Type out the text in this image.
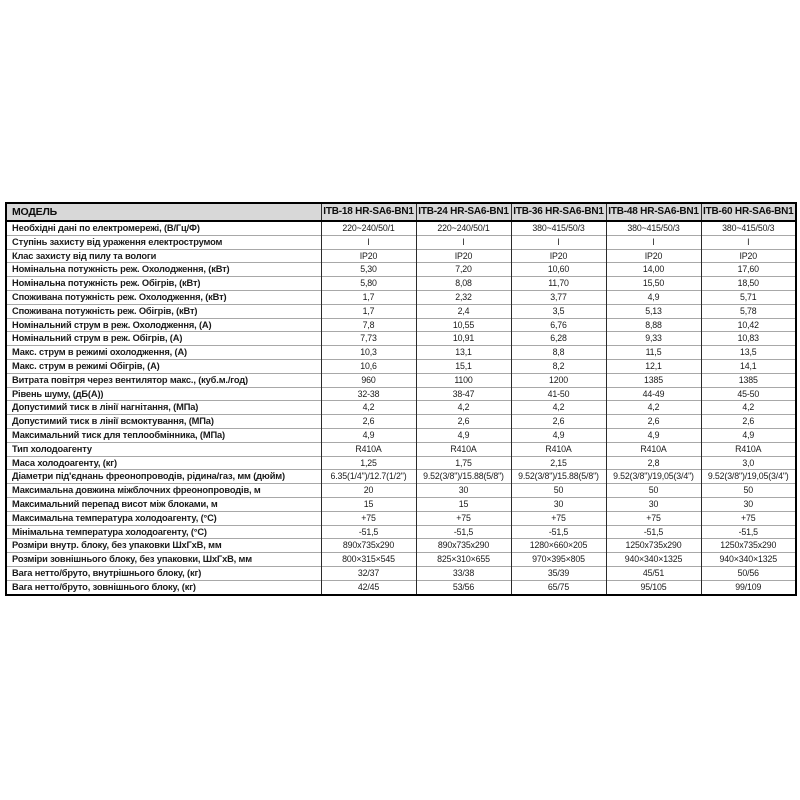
МОДЕЛЬ	ITB-18 HR-SA6-BN1	ITB-24 HR-SA6-BN1	ITB-36 HR-SA6-BN1	ITB-48 HR-SA6-BN1	ITB-60 HR-SA6-BN1
Необхідні дані по електромережі, (В/Гц/Ф)	220~240/50/1	220~240/50/1	380~415/50/3	380~415/50/3	380~415/50/3
Ступінь захисту від ураження електрострумом	I	I	I	I	I
Клас захисту від пилу та вологи	IP20	IP20	IP20	IP20	IP20
Номінальна потужність реж. Охолодження, (кВт)	5,30	7,20	10,60	14,00	17,60
Номінальна потужність реж. Обігрів, (кВт)	5,80	8,08	11,70	15,50	18,50
Споживана потужність реж. Охолодження, (кВт)	1,7	2,32	3,77	4,9	5,71
Споживана потужність реж. Обігрів, (кВт)	1,7	2,4	3,5	5,13	5,78
Номінальний струм в реж. Охолодження, (А)	7,8	10,55	6,76	8,88	10,42
Номінальний струм в реж. Обігрів, (А)	7,73	10,91	6,28	9,33	10,83
Макс. струм в режимі охолодження, (А)	10,3	13,1	8,8	11,5	13,5
Макс. струм в режимі Обігрів, (А)	10,6	15,1	8,2	12,1	14,1
Витрата повітря через вентилятор макс., (куб.м./год)	960	1100	1200	1385	1385
Рівень шуму, (дБ(А))	32-38	38-47	41-50	44-49	45-50
Допустимий тиск в лінії нагнітання, (МПа)	4,2	4,2	4,2	4,2	4,2
Допустимий тиск в лінії всмоктування, (МПа)	2,6	2,6	2,6	2,6	2,6
Максимальний тиск для теплообмінника, (МПа)	4,9	4,9	4,9	4,9	4,9
Тип холодоагенту	R410A	R410A	R410A	R410A	R410A
Маса холодоагенту, (кг)	1,25	1,75	2,15	2,8	3,0
Діаметри під'єднань фреонопроводів, рідина/газ, мм (дюйм)	6.35(1/4")/12.7(1/2")	9.52(3/8")/15.88(5/8")	9.52(3/8")/15.88(5/8")	9.52(3/8")/19,05(3/4")	9.52(3/8")/19,05(3/4")
Максимальна довжина міжблочних фреонопроводів, м	20	30	50	50	50
Максимальний перепад висот між блоками, м	15	15	30	30	30
Максимальна температура холодоагенту, (°С)	+75	+75	+75	+75	+75
Мінімальна температура холодоагенту, (°С)	-51,5	-51,5	-51,5	-51,5	-51,5
Розміри внутр. блоку, без упаковки ШхГхВ, мм	890x735x290	890x735x290	1280×660×205	1250x735x290	1250x735x290
Розміри зовнішнього блоку, без упаковки, ШхГхВ, мм	800×315×545	825×310×655	970×395×805	940×340×1325	940×340×1325
Вага нетто/бруто, внутрішнього блоку, (кг)	32/37	33/38	35/39	45/51	50/56
Вага нетто/бруто, зовнішнього блоку, (кг)	42/45	53/56	65/75	95/105	99/109
